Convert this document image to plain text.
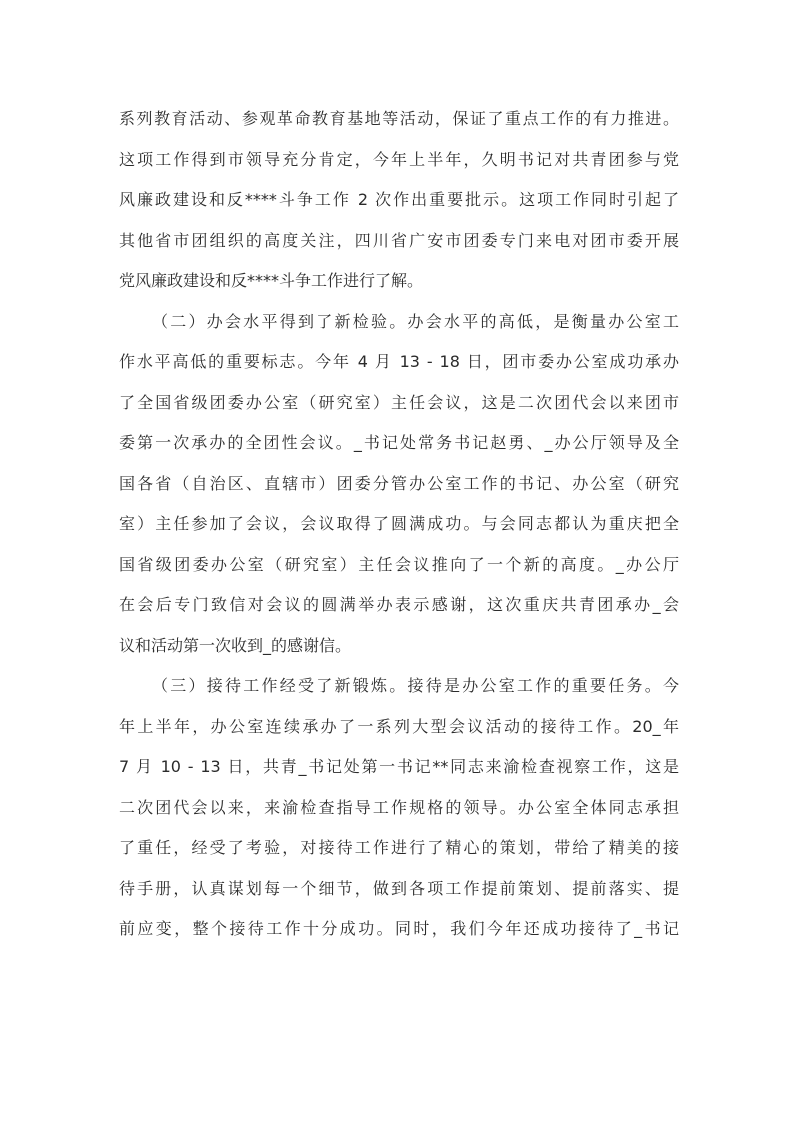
系列教育活动、参观革命教育基地等活动，保证了重点工作的有力推进。
这项工作得到市领导充分肯定，今年上半年，久明书记对共青团参与党
风廉政建设和反****斗争工作 2 次作出重要批示。这项工作同时引起了
其他省市团组织的高度关注，四川省广安市团委专门来电对团市委开展
党风廉政建设和反****斗争工作进行了解。
（二）办会水平得到了新检验。办会水平的高低，是衡量办公室工
作水平高低的重要标志。今年 4 月 13 - 18 日，团市委办公室成功承办
了全国省级团委办公室（研究室）主任会议，这是二次团代会以来团市
委第一次承办的全团性会议。_书记处常务书记赵勇、_办公厅领导及全
国各省（自治区、直辖市）团委分管办公室工作的书记、办公室（研究
室）主任参加了会议，会议取得了圆满成功。与会同志都认为重庆把全
国省级团委办公室（研究室）主任会议推向了一个新的高度。_办公厅
在会后专门致信对会议的圆满举办表示感谢，这次重庆共青团承办_会
议和活动第一次收到_的感谢信。
（三）接待工作经受了新锻炼。接待是办公室工作的重要任务。今
年上半年，办公室连续承办了一系列大型会议活动的接待工作。20_年
7 月 10 - 13 日，共青_书记处第一书记**同志来渝检查视察工作，这是
二次团代会以来，来渝检查指导工作规格的领导。办公室全体同志承担
了重任，经受了考验，对接待工作进行了精心的策划，带给了精美的接
待手册，认真谋划每一个细节，做到各项工作提前策划、提前落实、提
前应变，整个接待工作十分成功。同时，我们今年还成功接待了_书记
